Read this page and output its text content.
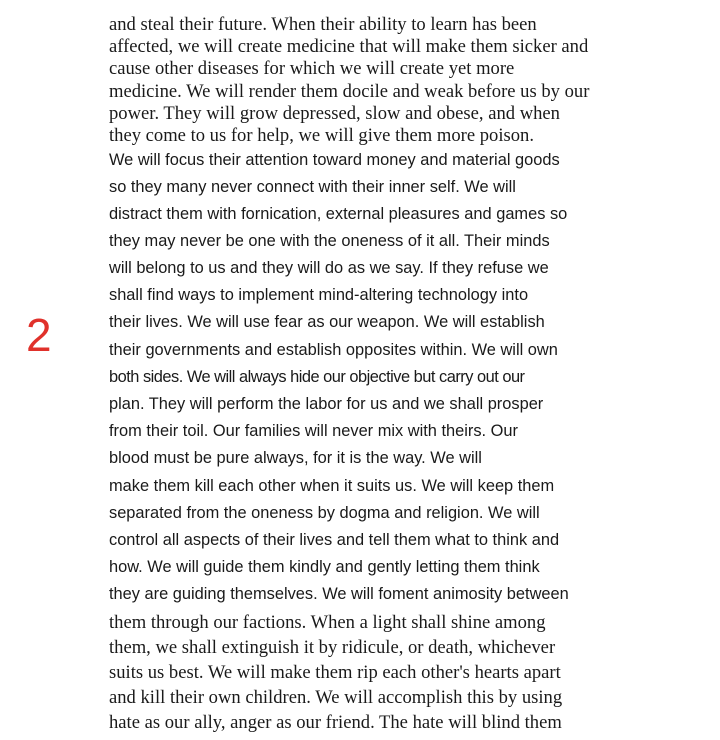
2
and steal their future. When their ability to learn has been
affected, we will create medicine that will make them sicker and
cause other diseases for which we will create yet more
medicine. We will render them docile and weak before us by our
power. They will grow depressed, slow and obese, and when
they come to us for help, we will give them more poison.
We will focus their attention toward money and material goods
so they many never connect with their inner self. We will
distract them with fornication, external pleasures and games so
they may never be one with the oneness of it all. Their minds
will belong to us and they will do as we say. If they refuse we
shall find ways to implement mind-altering technology into
their lives. We will use fear as our weapon. We will establish
their governments and establish opposites within. We will own
both sides. We will always hide our objective but carry out our
plan. They will perform the labor for us and we shall prosper
from their toil. Our families will never mix with theirs. Our
blood must be pure always, for it is the way. We will
make them kill each other when it suits us. We will keep them
separated from the oneness by dogma and religion. We will
control all aspects of their lives and tell them what to think and
how. We will guide them kindly and gently letting them think
they are guiding themselves. We will foment animosity between
them through our factions. When a light shall shine among
them, we shall extinguish it by ridicule, or death, whichever
suits us best. We will make them rip each other's hearts apart
and kill their own children. We will accomplish this by using
hate as our ally, anger as our friend. The hate will blind them
